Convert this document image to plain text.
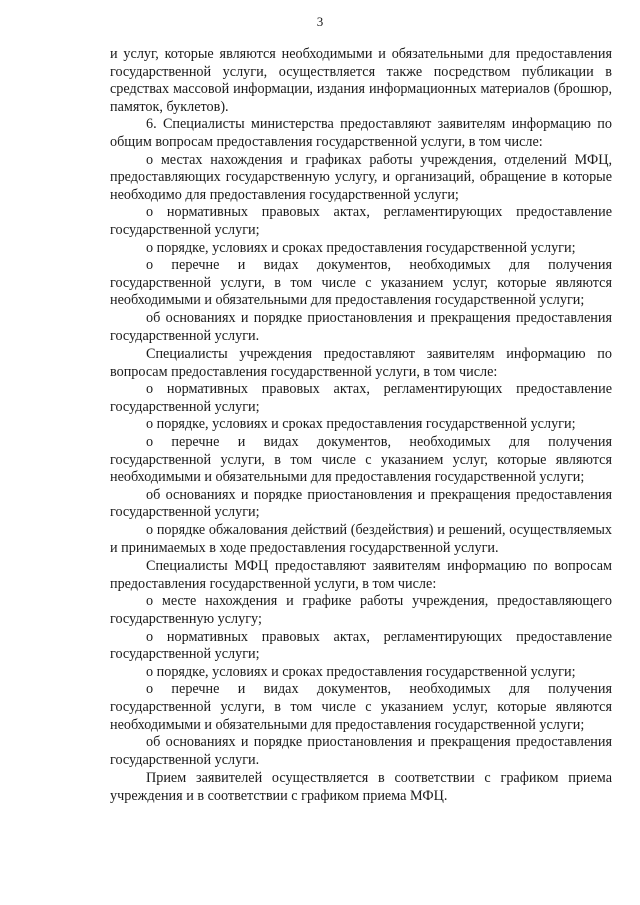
3

и услуг, которые являются необходимыми и обязательными для предоставления государственной услуги, осуществляется также посредством публикации в средствах массовой информации, издания информационных материалов (брошюр, памяток, буклетов).

6. Специалисты министерства предоставляют заявителям информацию по общим вопросам предоставления государственной услуги, в том числе:

о местах нахождения и графиках работы учреждения, отделений МФЦ, предоставляющих государственную услугу, и организаций, обращение в которые необходимо для предоставления государственной услуги;

о нормативных правовых актах, регламентирующих предоставление государственной услуги;

о порядке, условиях и сроках предоставления государственной услуги;

о перечне и видах документов, необходимых для получения государственной услуги, в том числе с указанием услуг, которые являются необходимыми и обязательными для предоставления государственной услуги;

об основаниях и порядке приостановления и прекращения предоставления государственной услуги.

Специалисты учреждения предоставляют заявителям информацию по вопросам предоставления государственной услуги, в том числе:

о нормативных правовых актах, регламентирующих предоставление государственной услуги;

о порядке, условиях и сроках предоставления государственной услуги;

о перечне и видах документов, необходимых для получения государственной услуги, в том числе с указанием услуг, которые являются необходимыми и обязательными для предоставления государственной услуги;

об основаниях и порядке приостановления и прекращения предоставления государственной услуги;

о порядке обжалования действий (бездействия) и решений, осуществляемых и принимаемых в ходе предоставления государственной услуги.

Специалисты МФЦ предоставляют заявителям информацию по вопросам предоставления государственной услуги, в том числе:

о месте нахождения и графике работы учреждения, предоставляющего государственную услугу;

о нормативных правовых актах, регламентирующих предоставление государственной услуги;

о порядке, условиях и сроках предоставления государственной услуги;

о перечне и видах документов, необходимых для получения государственной услуги, в том числе с указанием услуг, которые являются необходимыми и обязательными для предоставления государственной услуги;

об основаниях и порядке приостановления и прекращения предоставления государственной услуги.

Прием заявителей осуществляется в соответствии с графиком приема учреждения и в соответствии с графиком приема МФЦ.
